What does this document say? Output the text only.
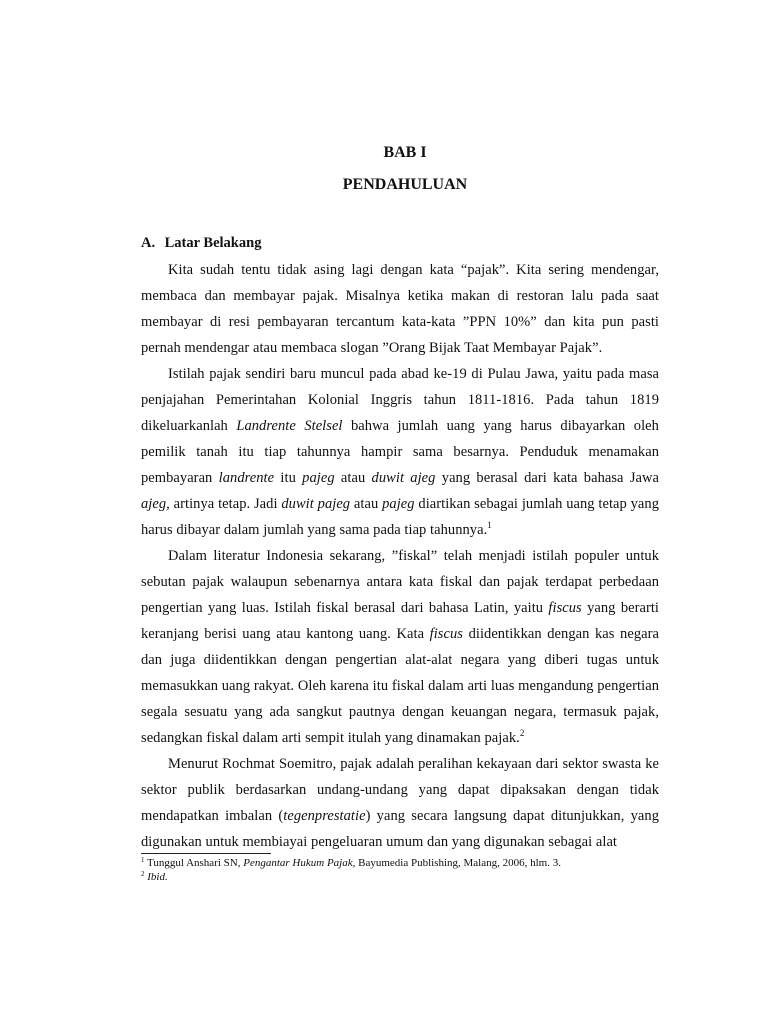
BAB I
PENDAHULUAN
A. Latar Belakang

Kita sudah tentu tidak asing lagi dengan kata “pajak”. Kita sering mendengar, membaca dan membayar pajak. Misalnya ketika makan di restoran lalu pada saat membayar di resi pembayaran tercantum kata-kata ”PPN 10%” dan kita pun pasti pernah mendengar atau membaca slogan ”Orang Bijak Taat Membayar Pajak”.

Istilah pajak sendiri baru muncul pada abad ke-19 di Pulau Jawa, yaitu pada masa penjajahan Pemerintahan Kolonial Inggris tahun 1811-1816. Pada tahun 1819 dikeluarkanlah Landrente Stelsel bahwa jumlah uang yang harus dibayarkan oleh pemilik tanah itu tiap tahunnya hampir sama besarnya. Penduduk menamakan pembayaran landrente itu pajeg atau duwit ajeg yang berasal dari kata bahasa Jawa ajeg, artinya tetap. Jadi duwit pajeg atau pajeg diartikan sebagai jumlah uang tetap yang harus dibayar dalam jumlah yang sama pada tiap tahunnya.$^1$

Dalam literatur Indonesia sekarang, ”fiskal” telah menjadi istilah populer untuk sebutan pajak walaupun sebenarnya antara kata fiskal dan pajak terdapat perbedaan pengertian yang luas. Istilah fiskal berasal dari bahasa Latin, yaitu fiscus yang berarti keranjang berisi uang atau kantong uang. Kata fiscus diidentikkan dengan kas negara dan juga diidentikkan dengan pengertian alat-alat negara yang diberi tugas untuk memasukkan uang rakyat. Oleh karena itu fiskal dalam arti luas mengandung pengertian segala sesuatu yang ada sangkut pautnya dengan keuangan negara, termasuk pajak, sedangkan fiskal dalam arti sempit itulah yang dinamakan pajak.$^2$

Menurut Rochmat Soemitro, pajak adalah peralihan kekayaan dari sektor swasta ke sektor publik berdasarkan undang-undang yang dapat dipaksakan dengan tidak mendapatkan imbalan (tegenprestatie) yang secara langsung dapat ditunjukkan, yang digunakan untuk membiayai pengeluaran umum dan yang digunakan sebagai alat

$^1$ Tunggul Anshari SN, Pengantar Hukum Pajak, Bayumedia Publishing, Malang, 2006, hlm. 3.
$^2$ Ibid.
